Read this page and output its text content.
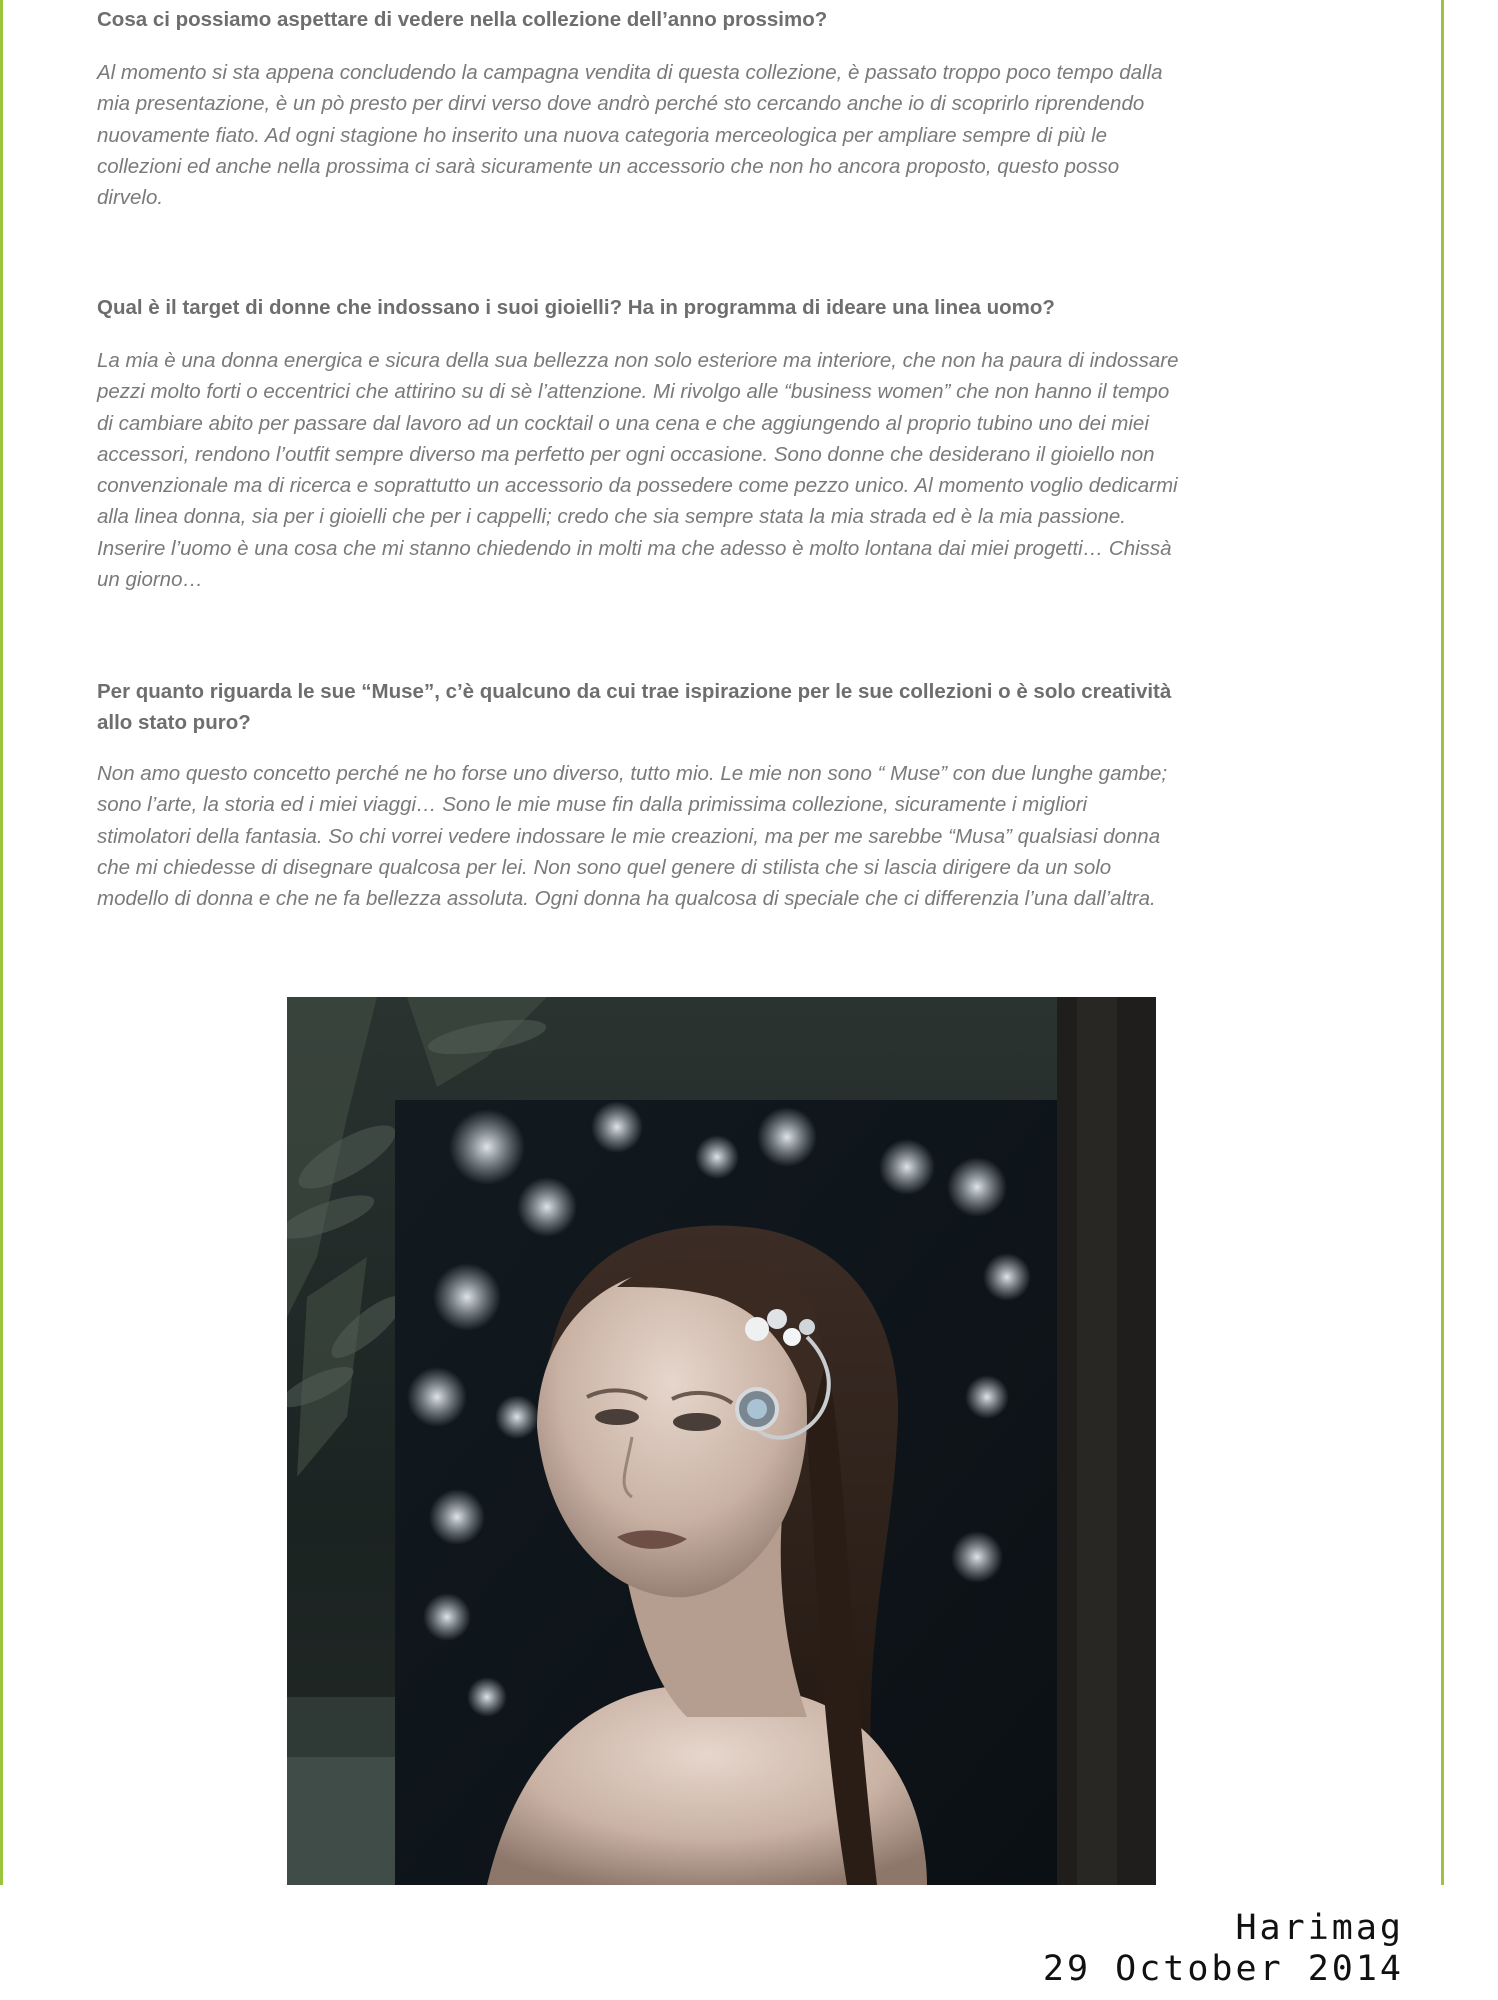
Cosa ci possiamo aspettare di vedere nella collezione dell’anno prossimo?

Al momento si sta appena concludendo la campagna vendita di questa collezione, è passato troppo poco tempo dalla
mia presentazione, è un pò presto per dirvi verso dove andrò perché sto cercando anche io di scoprirlo riprendendo
nuovamente fiato. Ad ogni stagione ho inserito una nuova categoria merceologica per ampliare sempre di più le
collezioni ed anche nella prossima ci sarà sicuramente un accessorio che non ho ancora proposto, questo posso
dirvelo.

Qual è il target di donne che indossano i suoi gioielli? Ha in programma di ideare una linea uomo?

La mia è una donna energica e sicura della sua bellezza non solo esteriore ma interiore, che non ha paura di indossare
pezzi molto forti o eccentrici che attirino su di sè l’attenzione. Mi rivolgo alle “business women” che non hanno il tempo
di cambiare abito per passare dal lavoro ad un cocktail o una cena e che aggiungendo al proprio tubino uno dei miei
accessori, rendono l’outfit sempre diverso ma perfetto per ogni occasione. Sono donne che desiderano il gioiello non
convenzionale ma di ricerca e soprattutto un accessorio da possedere come pezzo unico. Al momento voglio dedicarmi
alla linea donna, sia per i gioielli che per i cappelli; credo che sia sempre stata la mia strada ed è la mia passione.
Inserire l’uomo è una cosa che mi stanno chiedendo in molti ma che adesso è molto lontana dai miei progetti… Chissà
un giorno…

Per quanto riguarda le sue “Muse”, c’è qualcuno da cui trae ispirazione per le sue collezioni o è solo creatività
allo stato puro?

Non amo questo concetto perché ne ho forse uno diverso, tutto mio. Le mie non sono “ Muse” con due lunghe gambe;
sono l’arte, la storia ed i miei viaggi… Sono le mie muse fin dalla primissima collezione, sicuramente i migliori
stimolatori della fantasia. So chi vorrei vedere indossare le mie creazioni, ma per me sarebbe “Musa” qualsiasi donna
che mi chiedesse di disegnare qualcosa per lei. Non sono quel genere di stilista che si lascia dirigere da un solo
modello di donna e che ne fa bellezza assoluta. Ogni donna ha qualcosa di speciale che ci differenzia l’una dall’altra.

Harimag
29 October 2014
